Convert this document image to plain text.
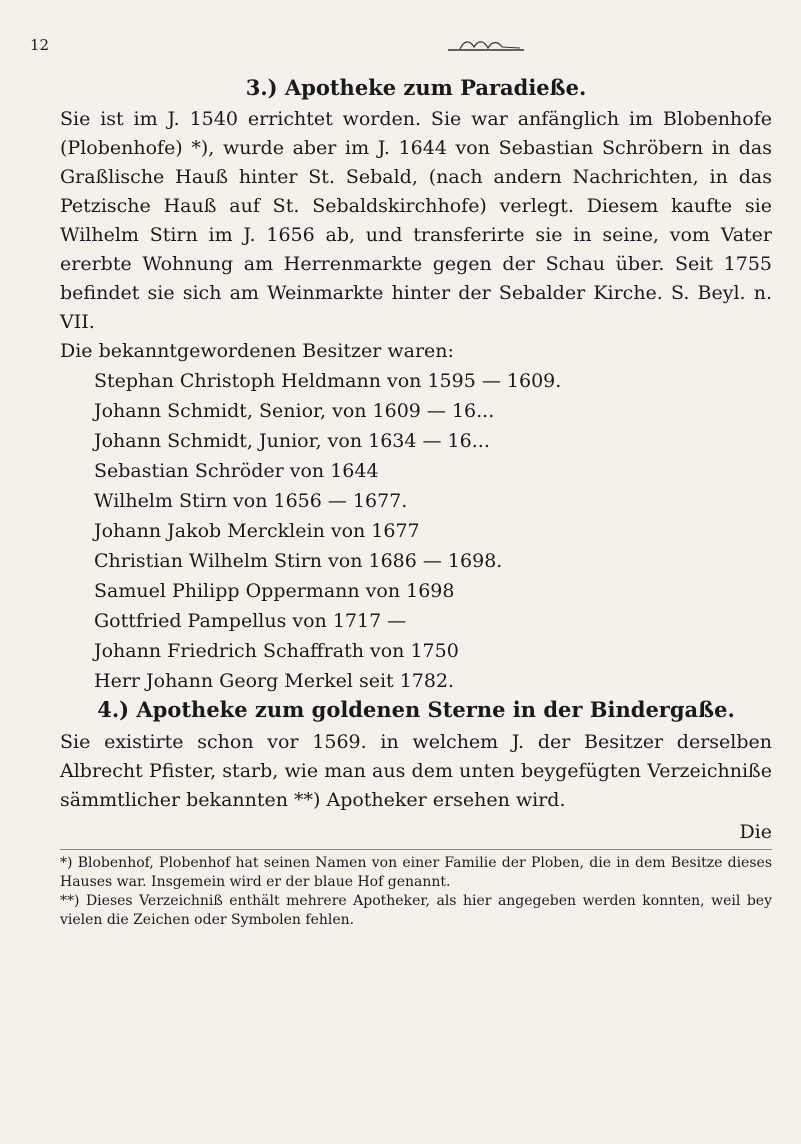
12
3.) Apotheke zum Paradieße.

Sie ist im J. 1540 errichtet worden. Sie war anfänglich im Blobenhofe (Plobenhofe) *), wurde aber im J. 1644 von Sebastian Schröbern in das Graßlische Hauß hinter St. Sebald, (nach andern Nachrichten, in das Petzische Hauß auf St. Sebaldskirchhofe) verlegt. Diesem kaufte sie Wilhelm Stirn im J. 1656 ab, und transferirte sie in seine, vom Vater ererbte Wohnung am Herrenmarkte gegen der Schau über. Seit 1755 befindet sie sich am Weinmarkte hinter der Sebalder Kirche. S. Beyl. n. VII.

Die bekanntgewordenen Besitzer waren:
Stephan Christoph Heldmann von 1595 — 1609.
Johann Schmidt, Senior, von 1609 — 16...
Johann Schmidt, Junior, von 1634 — 16...
Sebastian Schröder von 1644
Wilhelm Stirn von 1656 — 1677.
Johann Jakob Mercklein von 1677
Christian Wilhelm Stirn von 1686 — 1698.
Samuel Philipp Oppermann von 1698
Gottfried Pampellus von 1717 —
Johann Friedrich Schaffrath von 1750
Herr Johann Georg Merkel seit 1782.
4.) Apotheke zum goldenen Sterne in der Bindergaße.

Sie existirte schon vor 1569. in welchem J. der Besitzer derselben Albrecht Pfister, starb, wie man aus dem unten beygefügten Verzeichniße sämmtlicher bekannten **) Apotheker ersehen wird.

Die

*) Blobenhof, Plobenhof hat seinen Namen von einer Familie der Ploben, die in dem Besitze dieses Hauses war. Insgemein wird er der blaue Hof genannt.

**) Dieses Verzeichniß enthält mehrere Apotheker, als hier angegeben werden konnten, weil bey vielen die Zeichen oder Symbolen fehlen.
